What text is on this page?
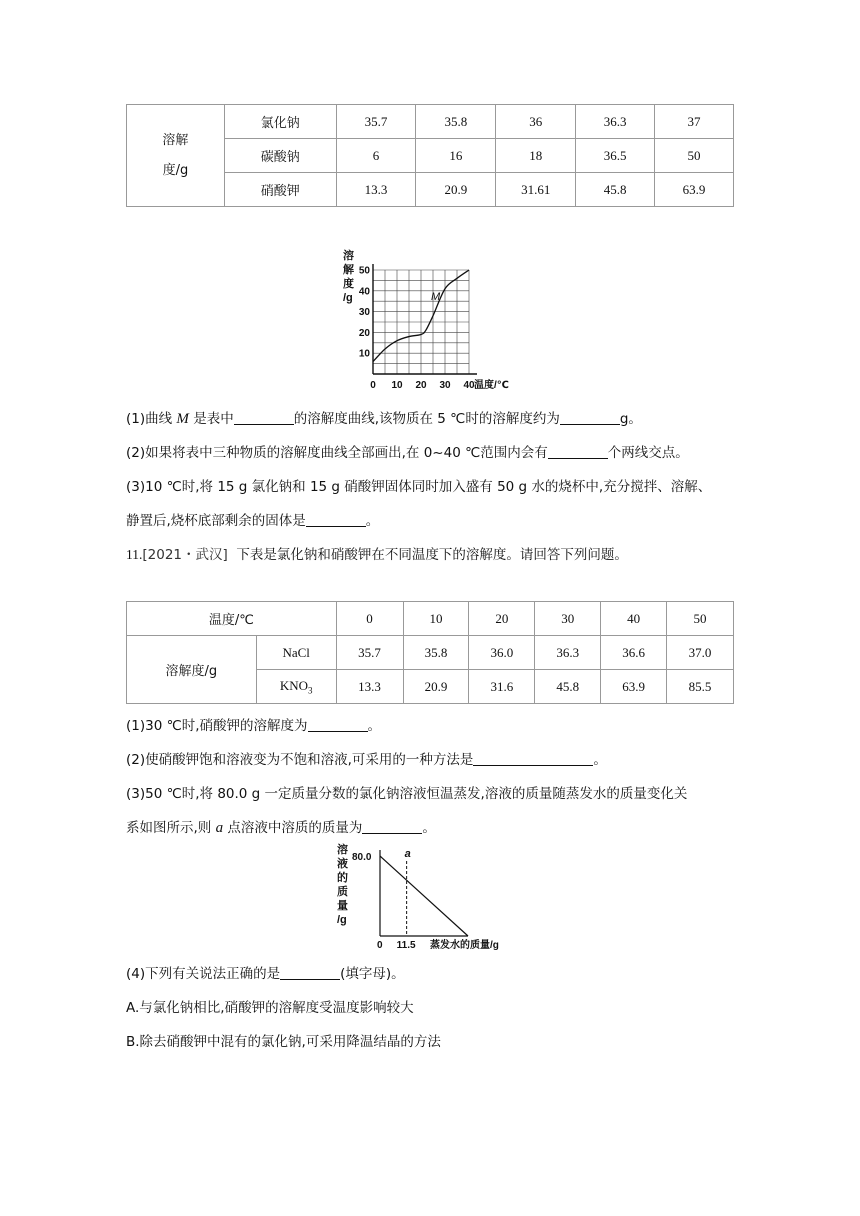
溶解
度/g	氯化钠	35.7	35.8	36	36.3	37
	碳酸钠	6	16	18	36.5	50
	硝酸钾	13.3	20.9	31.61	45.8	63.9
M
溶
解
度
/g
10
20
30
40
50
0 10 20 30 40 温度/℃
(1)曲线 M 是表中	的溶解度曲线,该物质在 5 ℃时的溶解度约为	g。
(2)如果将表中三种物质的溶解度曲线全部画出,在 0~40 ℃范围内会有	个两线交点。
(3)10 ℃时,将 15 g 氯化钠和 15 g 硝酸钾固体同时加入盛有 50 g 水的烧杯中,充分搅拌、溶解、
静置后,烧杯底部剩余的固体是	。
11.[2021・武汉] 下表是氯化钠和硝酸钾在不同温度下的溶解度。请回答下列问题。
温度/℃		0	10	20	30	40	50
溶解度/g	NaCl	35.7	35.8	36.0	36.3	36.6	37.0
	$KNO_3$	13.3	20.9	31.6	45.8	63.9	85.5
(1)30 ℃时,硝酸钾的溶解度为	。
(2)使硝酸钾饱和溶液变为不饱和溶液,可采用的一种方法是	。
(3)50 ℃时,将 80.0 g 一定质量分数的氯化钠溶液恒温蒸发,溶液的质量随蒸发水的质量变化关
系如图所示,则 a 点溶液中溶质的质量为	。
溶
液
的
质
量
/g
80.0	a
0 11.5 蒸发水的质量/g
(4)下列有关说法正确的是	(填字母)。
A.与氯化钠相比,硝酸钾的溶解度受温度影响较大
B.除去硝酸钾中混有的氯化钠,可采用降温结晶的方法
